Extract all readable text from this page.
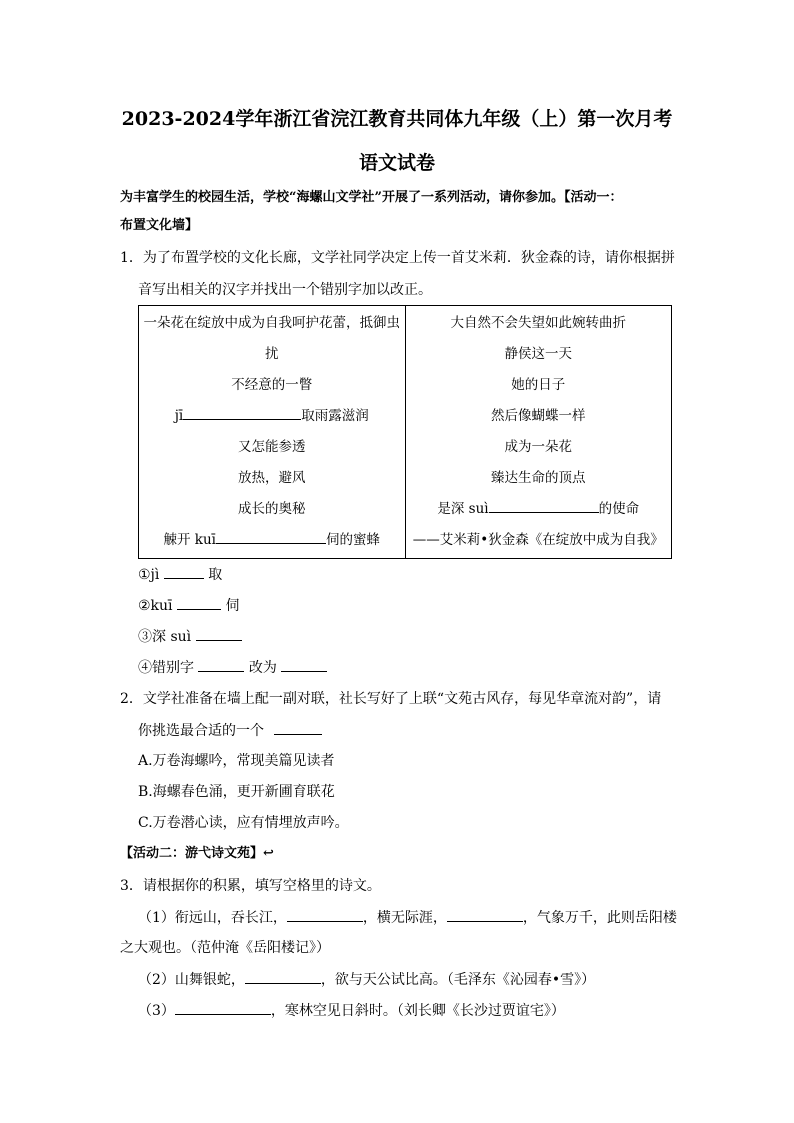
2023-2024学年浙江省浣江教育共同体九年级（上）第一次月考
语文试卷
为丰富学生的校园生活，学校“海螺山文学社”开展了一系列活动，请你参加。【活动一：
布置文化墙】
1．为了布置学校的文化长廊，文学社同学决定上传一首艾米莉．狄金森的诗，请你根据拼
音写出相关的汉字并找出一个错别字加以改正。
一朵花在绽放中成为自我呵护花蕾，抵御虫
扰
不经意的一瞥
jī	取雨露滋润
又怎能参透
放热，避风
成长的奥秘
觫开 kuī	伺的蜜蜂

大自然不会失望如此婉转曲折
静侯这一天
她的日子
然后像蝴蝶一样
成为一朵花
臻达生命的顶点
是深 suì	的使命
——艾米莉•狄金森《在绽放中成为自我》
①jì	取
②kuī	伺
③深 suì
④错别字	改为
2．文学社准备在墙上配一副对联，社长写好了上联“文苑古风存，每见华章流对韵”，请
你挑选最合适的一个
A.万卷海螺吟，常现美篇见读者
B.海螺春色涌，更开新圃育联花
C.万卷潜心读，应有情埋放声吟。
【活动二：游弋诗文苑】↩
3．请根据你的积累，填写空格里的诗文。
（1）衔远山，吞长江，	，横无际涯，	，气象万千，此则岳阳楼
之大观也。（范仲淹《岳阳楼记》）
（2）山舞银蛇，	，欲与天公试比高。（毛泽东《沁园春•雪》）
（3）	，寒林空见日斜时。（刘长卿《长沙过贾谊宅》）
